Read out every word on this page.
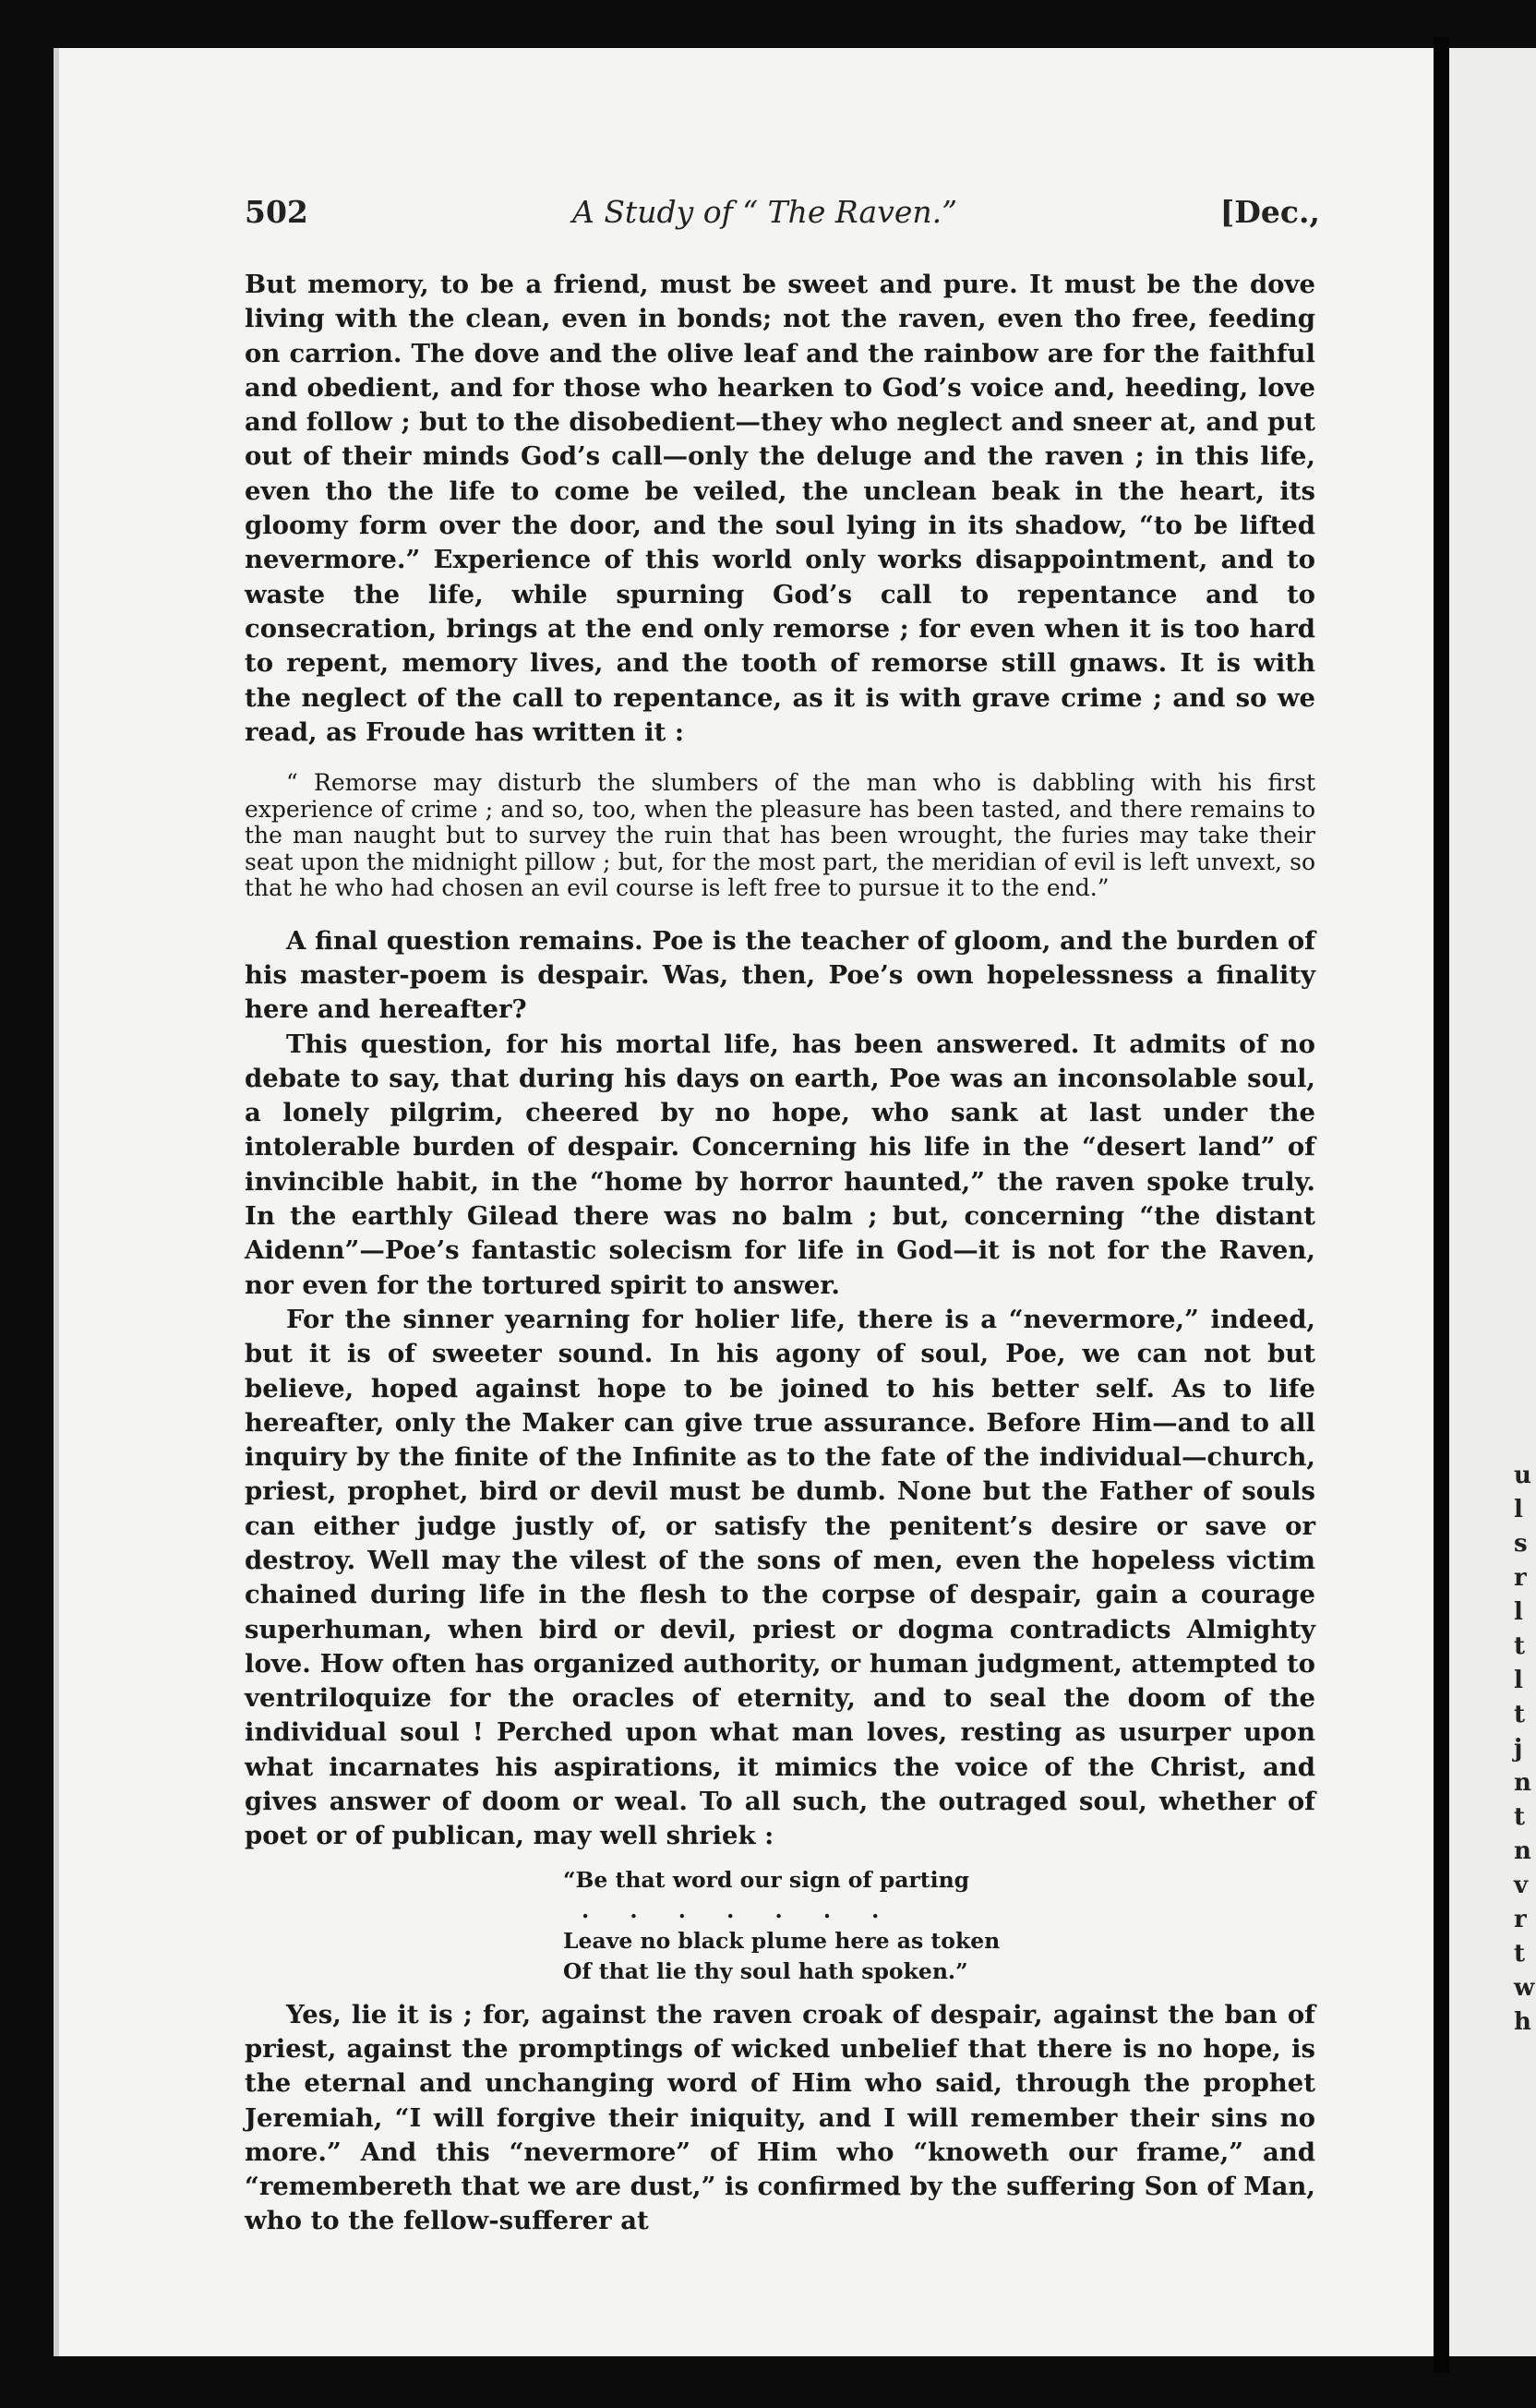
502	A Study of “ The Raven.”	[Dec.,

But memory, to be a friend, must be sweet and pure. It must be the dove living with the clean, even in bonds; not the raven, even tho free, feeding on carrion. The dove and the olive leaf and the rainbow are for the faithful and obedient, and for those who hearken to God’s voice and, heeding, love and follow ; but to the disobedient—they who neglect and sneer at, and put out of their minds God’s call—only the deluge and the raven ; in this life, even tho the life to come be veiled, the unclean beak in the heart, its gloomy form over the door, and the soul lying in its shadow, “to be lifted nevermore.” Experience of this world only works disappointment, and to waste the life, while spurning God’s call to repentance and to consecration, brings at the end only remorse ; for even when it is too hard to repent, memory lives, and the tooth of remorse still gnaws. It is with the neglect of the call to repentance, as it is with grave crime ; and so we read, as Froude has written it :

“ Remorse may disturb the slumbers of the man who is dabbling with his first experience of crime ; and so, too, when the pleasure has been tasted, and there remains to the man naught but to survey the ruin that has been wrought, the furies may take their seat upon the midnight pillow ; but, for the most part, the meridian of evil is left unvext, so that he who had chosen an evil course is left free to pursue it to the end.”

A final question remains. Poe is the teacher of gloom, and the burden of his master-poem is despair. Was, then, Poe’s own hopelessness a finality here and hereafter?

This question, for his mortal life, has been answered. It admits of no debate to say, that during his days on earth, Poe was an inconsolable soul, a lonely pilgrim, cheered by no hope, who sank at last under the intolerable burden of despair. Concerning his life in the “desert land” of invincible habit, in the “home by horror haunted,” the raven spoke truly. In the earthly Gilead there was no balm ; but, concerning “the distant Aidenn”—Poe’s fantastic solecism for life in God—it is not for the Raven, nor even for the tortured spirit to answer.

For the sinner yearning for holier life, there is a “nevermore,” indeed, but it is of sweeter sound. In his agony of soul, Poe, we can not but believe, hoped against hope to be joined to his better self. As to life hereafter, only the Maker can give true assurance. Before Him—and to all inquiry by the finite of the Infinite as to the fate of the individual—church, priest, prophet, bird or devil must be dumb. None but the Father of souls can either judge justly of, or satisfy the penitent’s desire or save or destroy. Well may the vilest of the sons of men, even the hopeless victim chained during life in the flesh to the corpse of despair, gain a courage superhuman, when bird or devil, priest or dogma contradicts Almighty love. How often has organized authority, or human judgment, attempted to ventriloquize for the oracles of eternity, and to seal the doom of the individual soul ! Perched upon what man loves, resting as usurper upon what incarnates his aspirations, it mimics the voice of the Christ, and gives answer of doom or weal. To all such, the outraged soul, whether of poet or of publican, may well shriek :

“Be that word our sign of parting
. . . . . . .
Leave no black plume here as token
Of that lie thy soul hath spoken.”

Yes, lie it is ; for, against the raven croak of despair, against the ban of priest, against the promptings of wicked unbelief that there is no hope, is the eternal and unchanging word of Him who said, through the prophet Jeremiah, “I will forgive their iniquity, and I will remember their sins no more.” And this “nevermore” of Him who “knoweth our frame,” and “remembereth that we are dust,” is confirmed by the suffering Son of Man, who to the fellow-sufferer at

u
l
s
r
l
t
l
t
j
n
t
n
v
r
t
w
h
